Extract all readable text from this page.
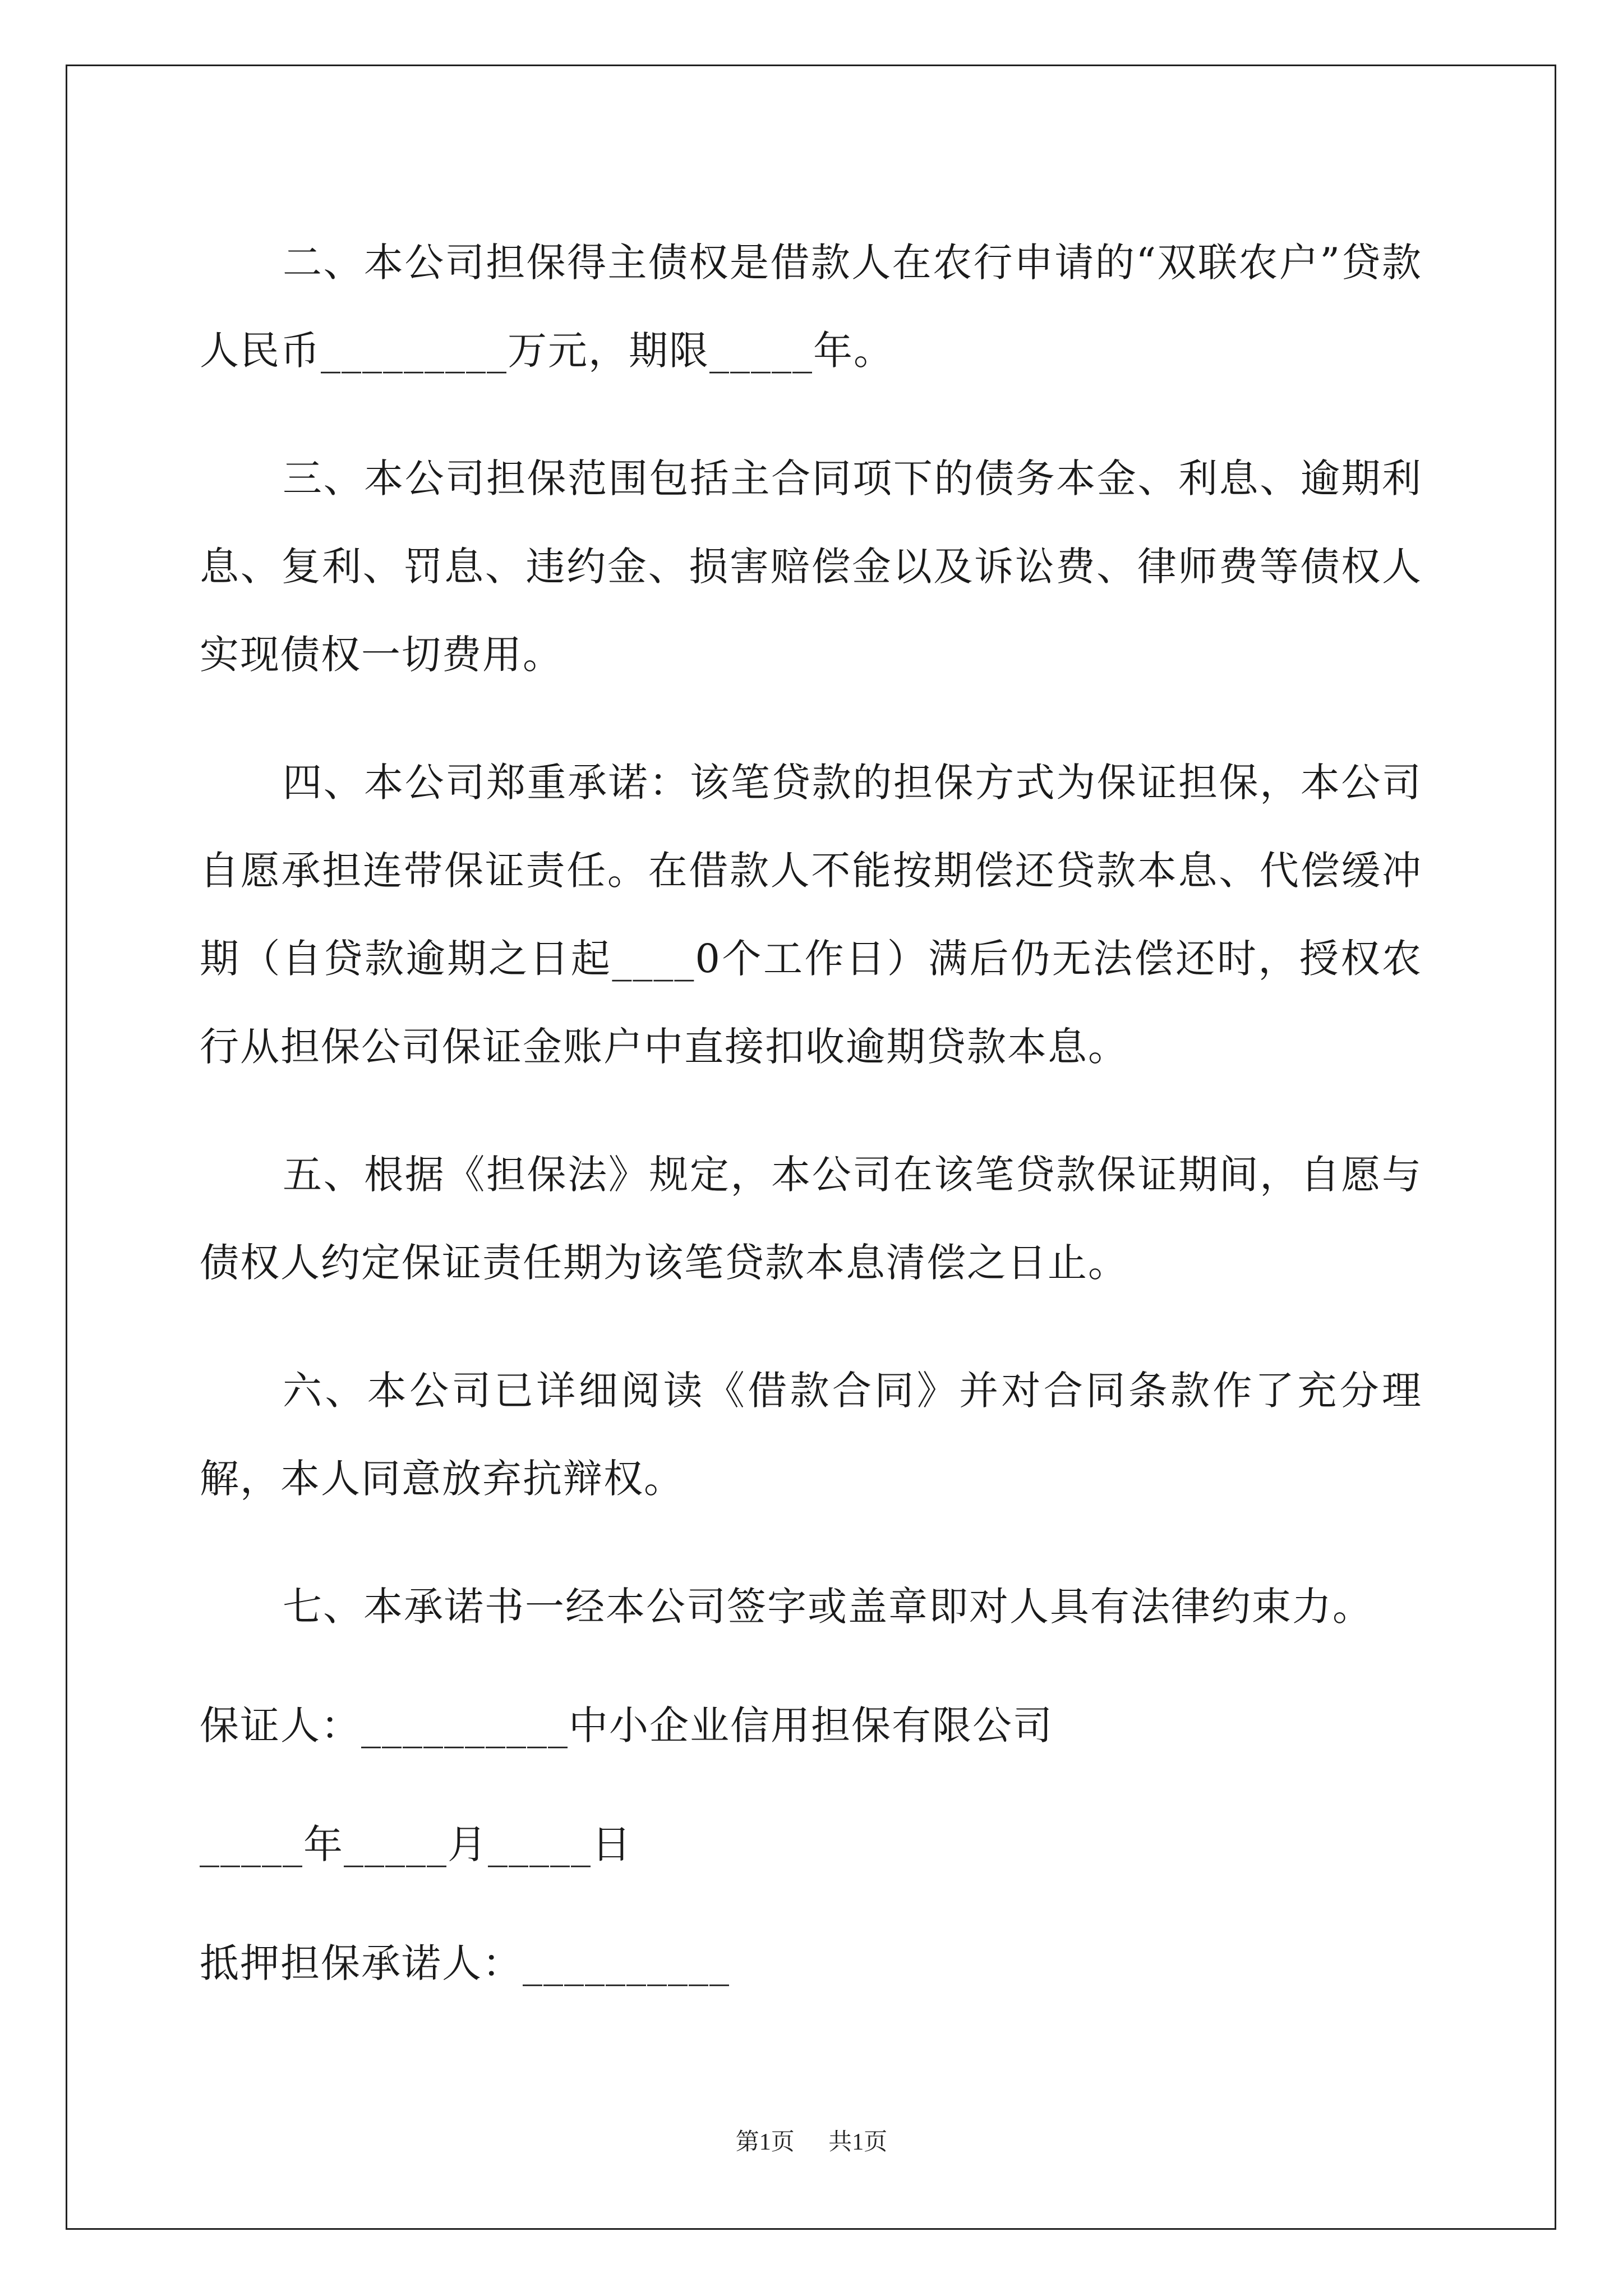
二、本公司担保得主债权是借款人在农行申请的“双联农户”贷款人民币_________万元，期限_____年。

三、本公司担保范围包括主合同项下的债务本金、利息、逾期利息、复利、罚息、违约金、损害赔偿金以及诉讼费、律师费等债权人实现债权一切费用。

四、本公司郑重承诺：该笔贷款的担保方式为保证担保，本公司自愿承担连带保证责任。在借款人不能按期偿还贷款本息、代偿缓冲期（自贷款逾期之日起____0个工作日）满后仍无法偿还时，授权农行从担保公司保证金账户中直接扣收逾期贷款本息。

五、根据《担保法》规定，本公司在该笔贷款保证期间，自愿与债权人约定保证责任期为该笔贷款本息清偿之日止。

六、本公司已详细阅读《借款合同》并对合同条款作了充分理解，本人同意放弃抗辩权。

七、本承诺书一经本公司签字或盖章即对人具有法律约束力。

保证人：__________中小企业信用担保有限公司

_____年_____月_____日

抵押担保承诺人：__________

第1页 共1页
